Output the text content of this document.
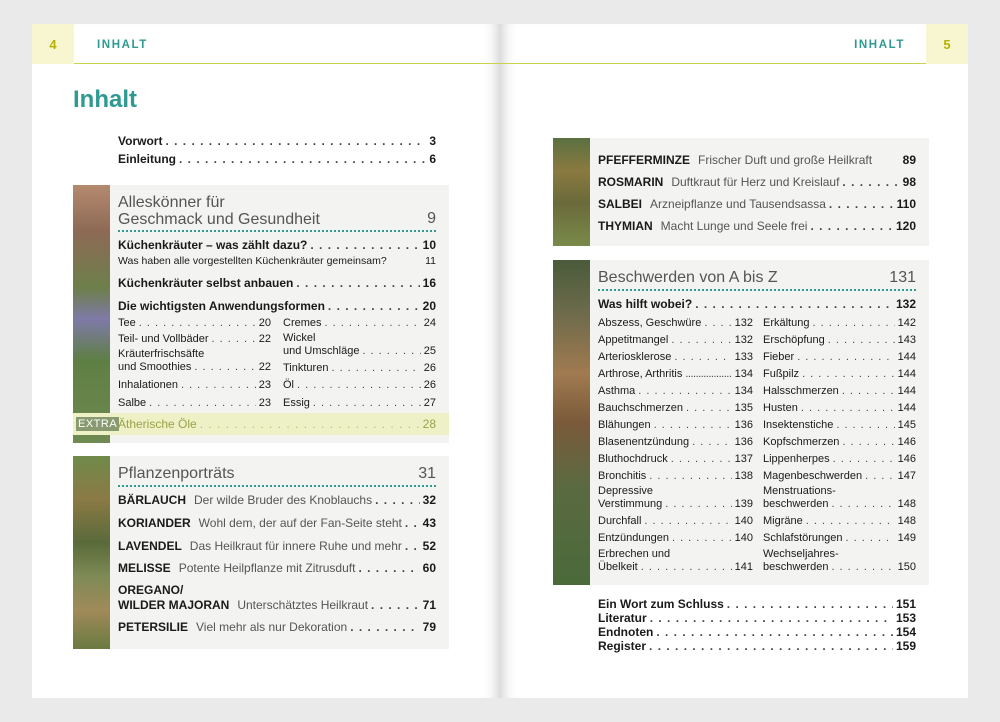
4	INHALT
Inhalt
Vorwort . . .	3
Einleitung . . .	6
EXTRA
Alleskönner für
Geschmack und Gesundheit	9
Küchenkräuter – was zählt dazu? . . .	10
Was haben alle vorgestellten Küchenkräuter gemeinsam?	11
Küchenkräuter selbst anbauen . . .	16
Die wichtigsten Anwendungsformen . . .	20
Tee . . .	20
Teil- und Vollbäder . . .	22
Kräuterfrischsäfte
und Smoothies . . .	22
Inhalationen . . .	23
Salbe . . .	23
Cremes . . .	24
Wickel
und Umschläge . . .	25
Tinkturen . . .	26
Öl . . .	26
Essig . . .	27
Ätherische Öle . . .	28
Pflanzenporträts	31
BÄRLAUCH Der wilde Bruder des Knoblauchs . . .	32
KORIANDER Wohl dem, der auf der Fan-Seite steht . . . 43
LAVENDEL Das Heilkraut für innere Ruhe und mehr . . . 52
MELISSE Potente Heilpflanze mit Zitrusduft . . .	60
OREGANO/
WILDER MAJORAN Unterschätztes Heilkraut . . .	71
PETERSILIE Viel mehr als nur Dekoration . . .	79
INHALT	5
PFEFFERMINZE Frischer Duft und große Heilkraft	89
ROSMARIN Duftkraut für Herz und Kreislauf . . .	98
SALBEI Arzneipflanze und Tausendsassa . . .	110
THYMIAN Macht Lunge und Seele frei . . .	120
Beschwerden von A bis Z	131
Was hilft wobei? . . .	132
Abszess, Geschwüre . . .	132
Appetitmangel . . .	132
Arteriosklerose . . .	133
Arthrose, Arthritis .....	134
Asthma . . .	134
Bauchschmerzen . . .	135
Blähungen . . .	136
Blasenentzündung . . .	136
Bluthochdruck . . .	137
Bronchitis . . .	138
Depressive
Verstimmung . . .	139
Durchfall . . .	140
Entzündungen . . .	140
Erbrechen und
Übelkeit . . .	141
Erkältung . . .	142
Erschöpfung . . .	143
Fieber . . .	144
Fußpilz . . .	144
Halsschmerzen . . .	144
Husten . . .	144
Insektenstiche . . .	145
Kopfschmerzen . . .	146
Lippenherpes . . .	146
Magenbeschwerden . . .	147
Menstruations-
beschwerden . . .	148
Migräne . . .	148
Schlafstörungen . . .	149
Wechseljahres-
beschwerden . . .	150
Ein Wort zum Schluss . . .	151
Literatur . . .	153
Endnoten . . .	154
Register . . .	159
